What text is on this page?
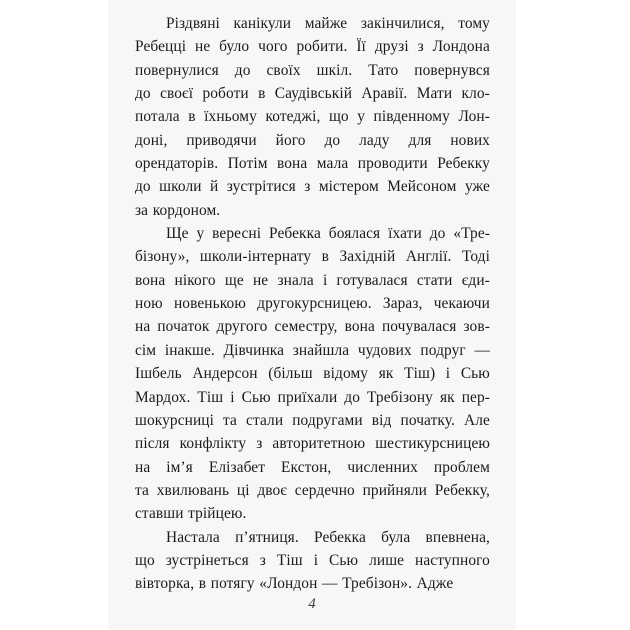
Різдвяні канікули майже закінчилися, тому
Ребецці не було чого робити. Її друзі з Лондона
повернулися до своїх шкіл. Тато повернувся
до своєї роботи в Саудівській Аравії. Мати кло-
потала в їхньому котеджі, що у південному Лон-
доні, приводячи його до ладу для нових
орендаторів. Потім вона мала проводити Ребекку
до школи й зустрітися з містером Мейсоном уже
за кордоном.

Ще у вересні Ребекка боялася їхати до «Тре-
бізону», школи-інтернату в Західній Англії. Тоді
вона нікого ще не знала і готувалася стати єди-
ною новенькою другокурсницею. Зараз, чекаючи
на початок другого семестру, вона почувалася зов-
сім інакше. Дівчинка знайшла чудових подруг —
Ішбель Андерсон (більш відому як Тіш) і Сью
Мардох. Тіш і Сью приїхали до Требізону як пер-
шокурсниці та стали подругами від початку. Але
після конфлікту з авторитетною шестикурсницею
на ім’я Елізабет Екстон, численних проблем
та хвилювань ці двоє сердечно прийняли Ребекку,
ставши трійцею.

Настала п’ятниця. Ребекка була впевнена,
що зустрінеться з Тіш і Сью лише наступного
вівторка, в потягу «Лондон — Требізон». Адже

4
